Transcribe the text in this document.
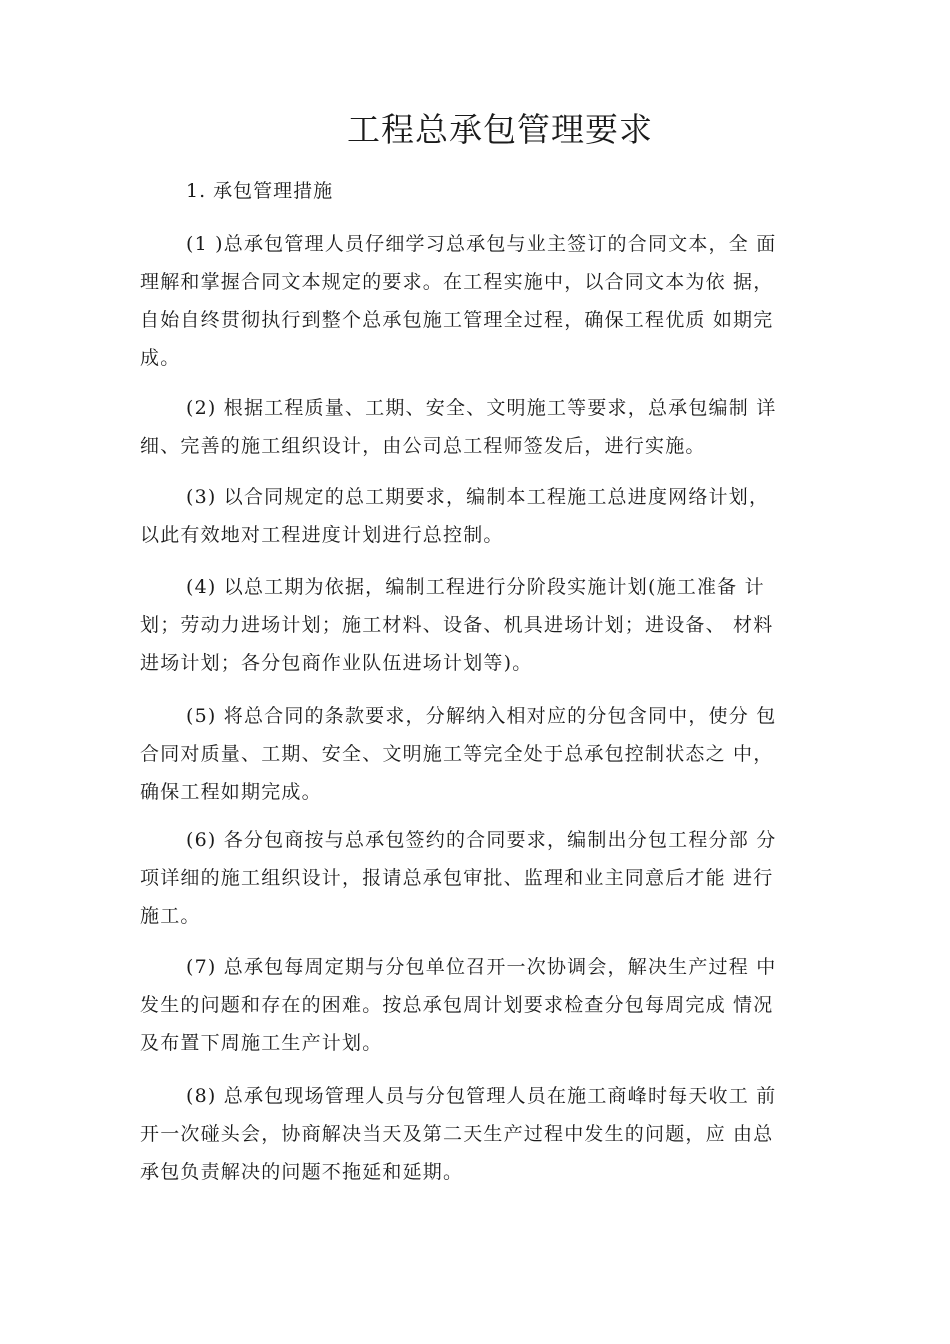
工程总承包管理要求
1. 承包管理措施
(1 )总承包管理人员仔细学习总承包与业主签订的合同文本，全 面
理解和掌握合同文本规定的要求。在工程实施中，以合同文本为依 据，
自始自终贯彻执行到整个总承包施工管理全过程，确保工程优质 如期完
成。
(2) 根据工程质量、工期、安全、文明施工等要求，总承包编制 详
细、完善的施工组织设计，由公司总工程师签发后，进行实施。
(3) 以合同规定的总工期要求，编制本工程施工总进度网络计划，
以此有效地对工程进度计划进行总控制。
(4) 以总工期为依据，编制工程进行分阶段实施计划(施工准备 计
划；劳动力进场计划；施工材料、设备、机具进场计划；进设备、 材料
进场计划；各分包商作业队伍进场计划等)。
(5) 将总合同的条款要求，分解纳入相对应的分包含同中，使分 包
合同对质量、工期、安全、文明施工等完全处于总承包控制状态之 中，
确保工程如期完成。
(6) 各分包商按与总承包签约的合同要求，编制出分包工程分部 分
项详细的施工组织设计，报请总承包审批、监理和业主同意后才能 进行
施工。
(7) 总承包每周定期与分包单位召开一次协调会，解决生产过程 中
发生的问题和存在的困难。按总承包周计划要求检查分包每周完成 情况
及布置下周施工生产计划。
(8) 总承包现场管理人员与分包管理人员在施工商峰时每天收工 前
开一次碰头会，协商解决当天及第二天生产过程中发生的问题，应 由总
承包负责解决的问题不拖延和延期。
